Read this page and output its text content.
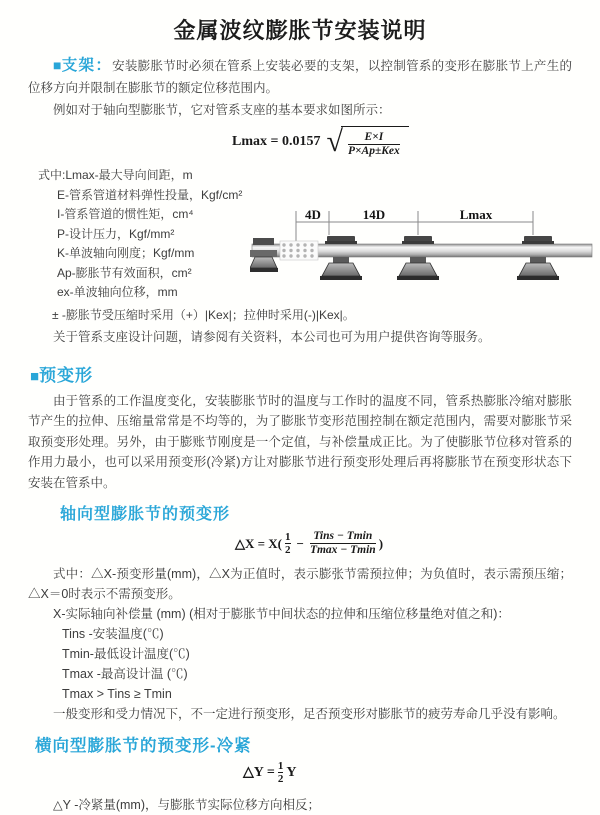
金属波纹膨胀节安装说明

■支架：安装膨胀节时必须在管系上安装必要的支架，以控制管系的变形在膨胀节上产生的位移方向并限制在膨胀节的额定位移范围内。

例如对于轴向型膨胀节，它对管系支座的基本要求如图所示：

Lmax = 0.0157 √ $\frac{E\times I}{\text{P×Ap±Kex}}$
式中:Lmax-最大导向间距，m
E-管系管道材料弹性投量，Kgf/cm²
I-管系管道的惯性矩，cm⁴
P-设计压力，Kgf/mm²
K-单波轴向刚度；Kgf/mm
Ap-膨胀节有效面积，cm²
ex-单波轴向位移，mm
± -膨胀节受压缩时采用（+）|Kex|；拉伸时采用(-)|Kex|。

关于管系支座设计问题，请参阅有关资料，本公司也可为用户提供咨询等服务。

4D	14D	Lmax
■预变形

由于管系的工作温度变化，安装膨胀节时的温度与工作时的温度不同，管系热膨胀冷缩对膨胀节产生的拉伸、压缩量常常是不均等的，为了膨胀节变形范围控制在额定范围内，需要对膨胀节采取预变形处理。另外，由于膨账节刚度是一个定值，与补偿量成正比。为了使膨胀节位移对管系的作用力最小，也可以采用预变形(冷紧)方让对膨胀节进行预变形处理后再将膨胀节在预变形状态下安装在管系中。

轴向型膨胀节的预变形
△X = $X( \frac{1}{2} - \frac{\text{Tins − Tmin}}{Tmax - Tmin}$ )
式中：△X-预变形量(mm)，△X为正值时，表示膨张节需预拉伸；为负值时，表示需预压缩；△X＝0时表示不需预变形。
X-实际轴向补偿量 (mm) (相对于膨胀节中间状态的拉伸和压缩位移量绝对值之和)：
Tins -安装温度(℃)
Tmin-最低设计温度(℃)
Tmax -最高设计温 (℃)
Tmax > Tins ≥ Tmin
一般变形和受力情况下，不一定进行预变形，足否预变形对膨胀节的疲劳寿命几乎没有影响。
横向型膨胀节的预变形-冷紧
△Y = $\frac{1}{2}$ Y
△Y -冷紧量(mm)，与膨胀节实际位移方向相反；
